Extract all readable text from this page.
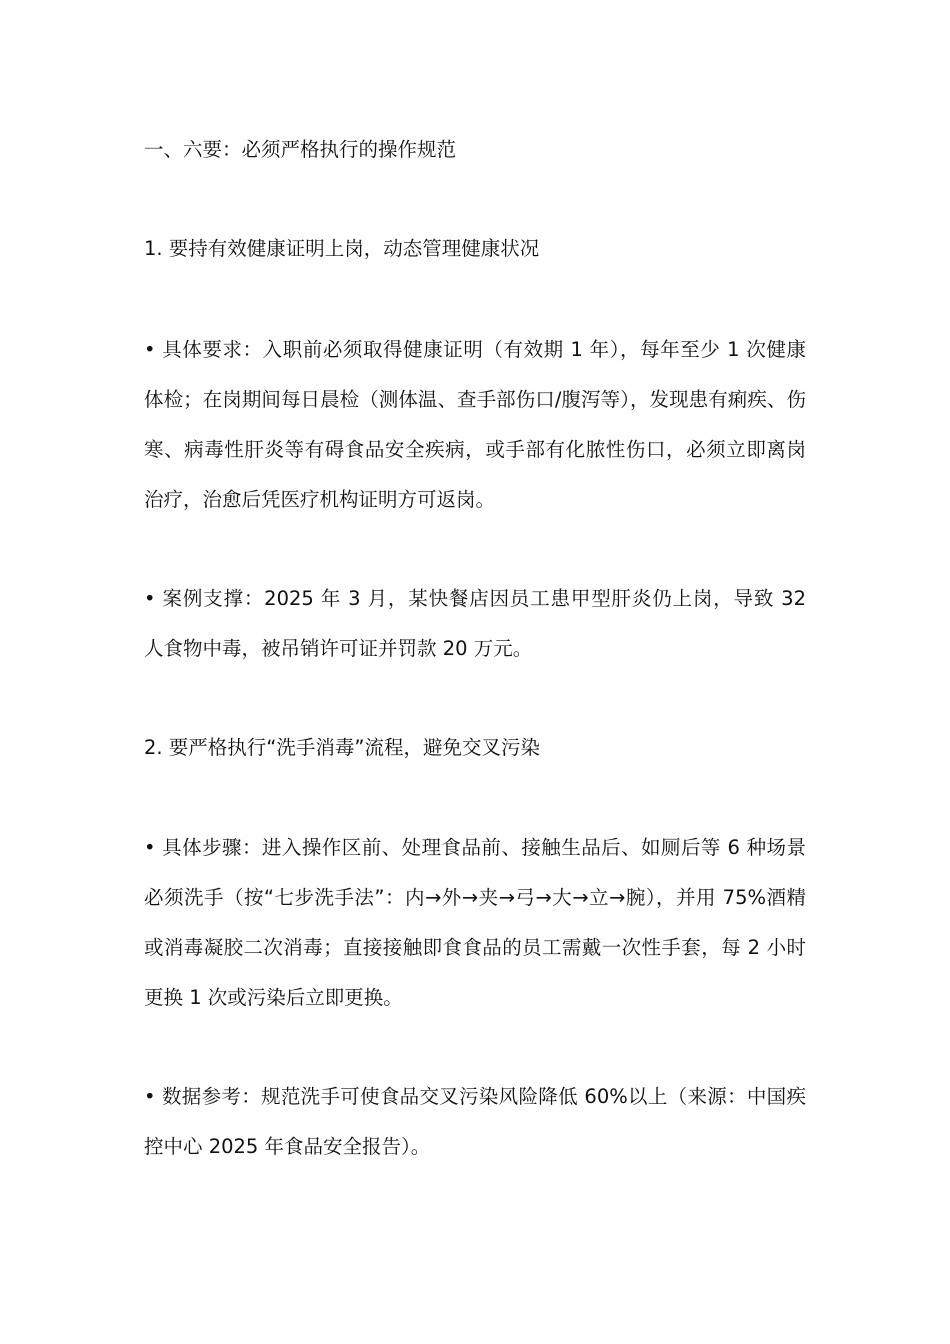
一、六要：必须严格执行的操作规范
1. 要持有效健康证明上岗，动态管理健康状况
• 具体要求：入职前必须取得健康证明（有效期 1 年），每年至少 1 次健康体检；在岗期间每日晨检（测体温、查手部伤口/腹泻等），发现患有痢疾、伤寒、病毒性肝炎等有碍食品安全疾病，或手部有化脓性伤口，必须立即离岗治疗，治愈后凭医疗机构证明方可返岗。
• 案例支撑：2025 年 3 月，某快餐店因员工患甲型肝炎仍上岗，导致 32 人食物中毒，被吊销许可证并罚款 20 万元。
2. 要严格执行“洗手消毒”流程，避免交叉污染
• 具体步骤：进入操作区前、处理食品前、接触生品后、如厕后等 6 种场景必须洗手（按“七步洗手法”：内→外→夹→弓→大→立→腕），并用 75%酒精或消毒凝胶二次消毒；直接接触即食食品的员工需戴一次性手套，每 2 小时更换 1 次或污染后立即更换。
• 数据参考：规范洗手可使食品交叉污染风险降低 60%以上（来源：中国疾控中心 2025 年食品安全报告）。
